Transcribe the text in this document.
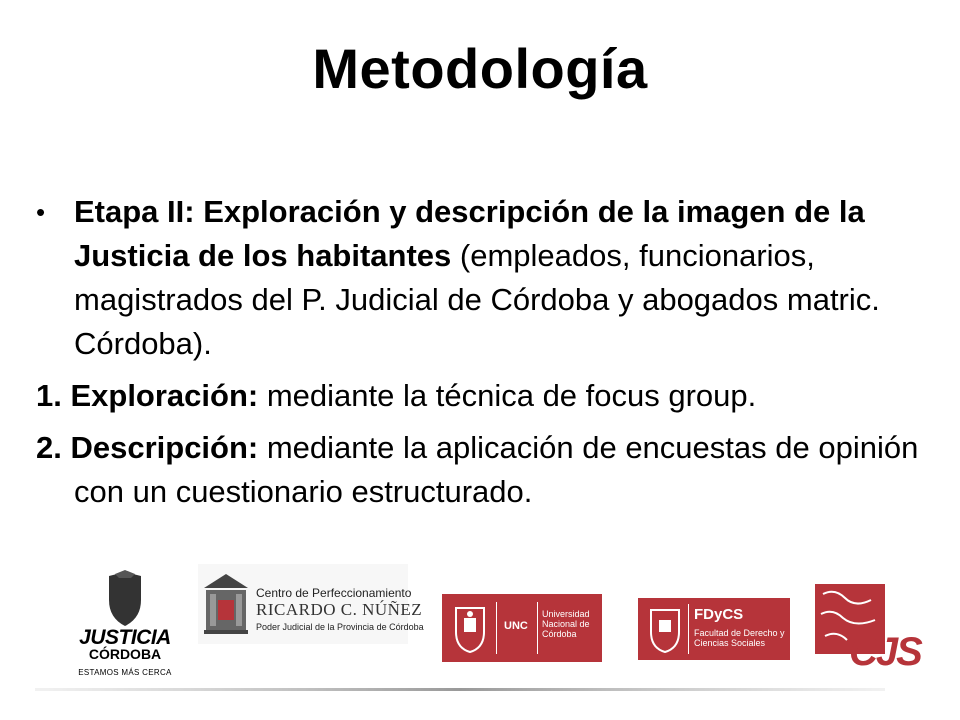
Metodología
• Etapa II: Exploración y descripción de la imagen de la Justicia de los habitantes (empleados, funcionarios, magistrados del P. Judicial de Córdoba y abogados matric. Córdoba).
1. Exploración: mediante la técnica de focus group.
2. Descripción: mediante la aplicación de encuestas de opinión con un cuestionario estructurado.
JUSTICIA
CÓRDOBA
ESTAMOS MÁS CERCA
Centro de Perfeccionamiento
RICARDO C. NÚÑEZ
Poder Judicial de la Provincia de Córdoba	UNC
Universidad Nacional de Córdoba
FDyCS
Facultad de Derecho y Ciencias Sociales	CJS
